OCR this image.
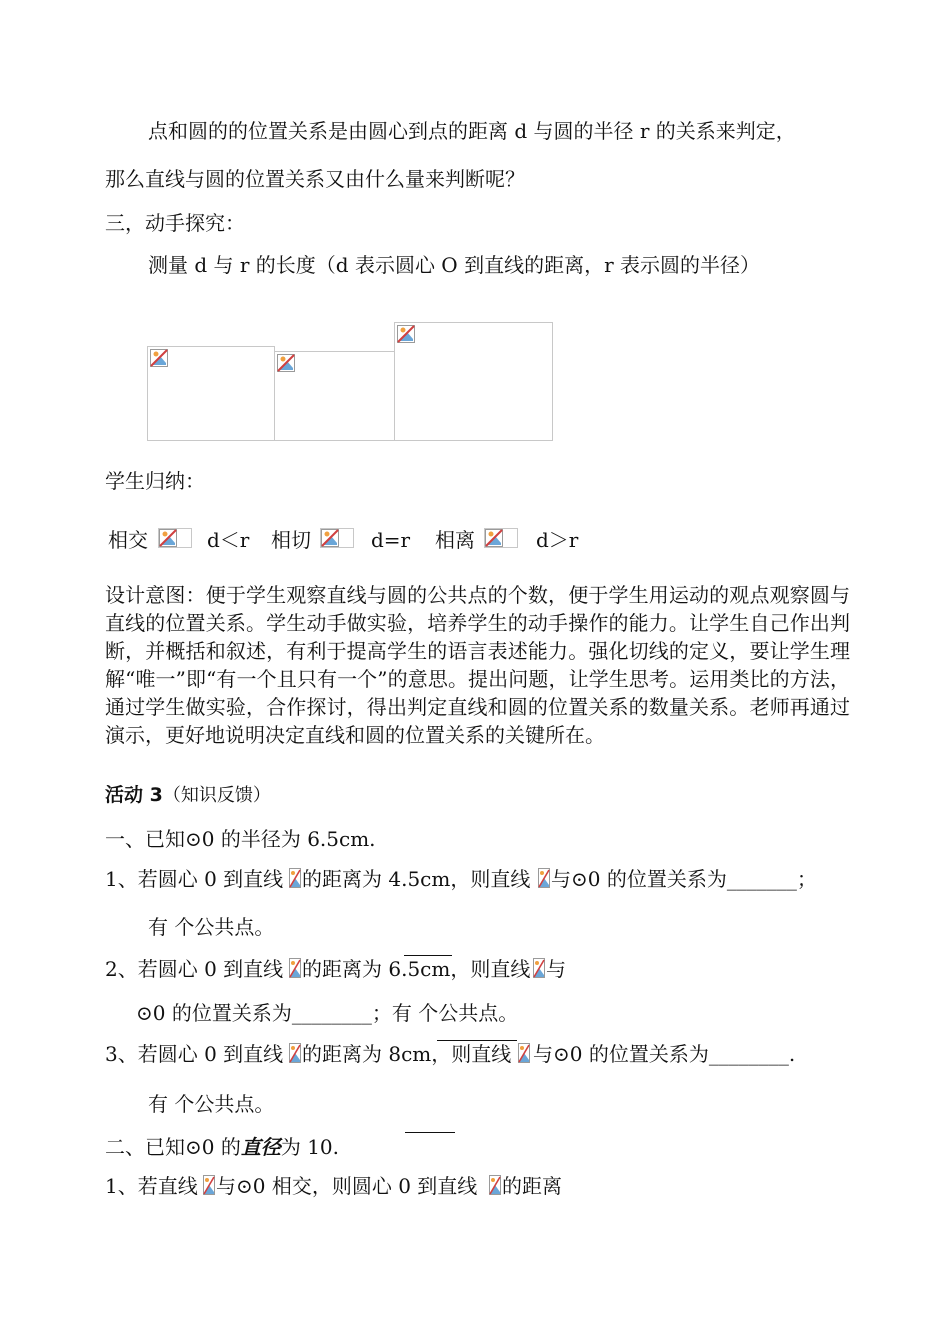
点和圆的的位置关系是由圆心到点的距离 d 与圆的半径 r 的关系来判定，
那么直线与圆的位置关系又由什么量来判断呢？
三，动手探究：
测量 d 与 r 的长度（d 表示圆心 O 到直线的距离，r 表示圆的半径）
学生归纳：
相交	d＜r 相切	d=r 相离	d＞r
设计意图：便于学生观察直线与圆的公共点的个数，便于学生用运动的观点观察圆与直线的位置关系。学生动手做实验，培养学生的动手操作的能力。让学生自己作出判断，并概括和叙述，有利于提高学生的语言表述能力。强化切线的定义，要让学生理解“唯一”即“有一个且只有一个”的意思。提出问题，让学生思考。运用类比的方法，通过学生做实验，合作探讨，得出判定直线和圆的位置关系的数量关系。老师再通过演示，更好地说明决定直线和圆的位置关系的关键所在。
活动 3（知识反馈）
一、已知⊙0 的半径为 6.5cm.
1、若圆心 0 到直线 的距离为 4.5cm，则直线 与⊙0 的位置关系为_______；
有 个公共点。
2、若圆心 0 到直线 的距离为 6.5cm，则直线 与
⊙0 的位置关系为________；有 个公共点。
3、若圆心 0 到直线 的距离为 8cm，则直线 与⊙0 的位置关系为________.
有 个公共点。
二、已知⊙0 的直径为 10.
1、若直线 与⊙0 相交，则圆心 0 到直线 的距离
